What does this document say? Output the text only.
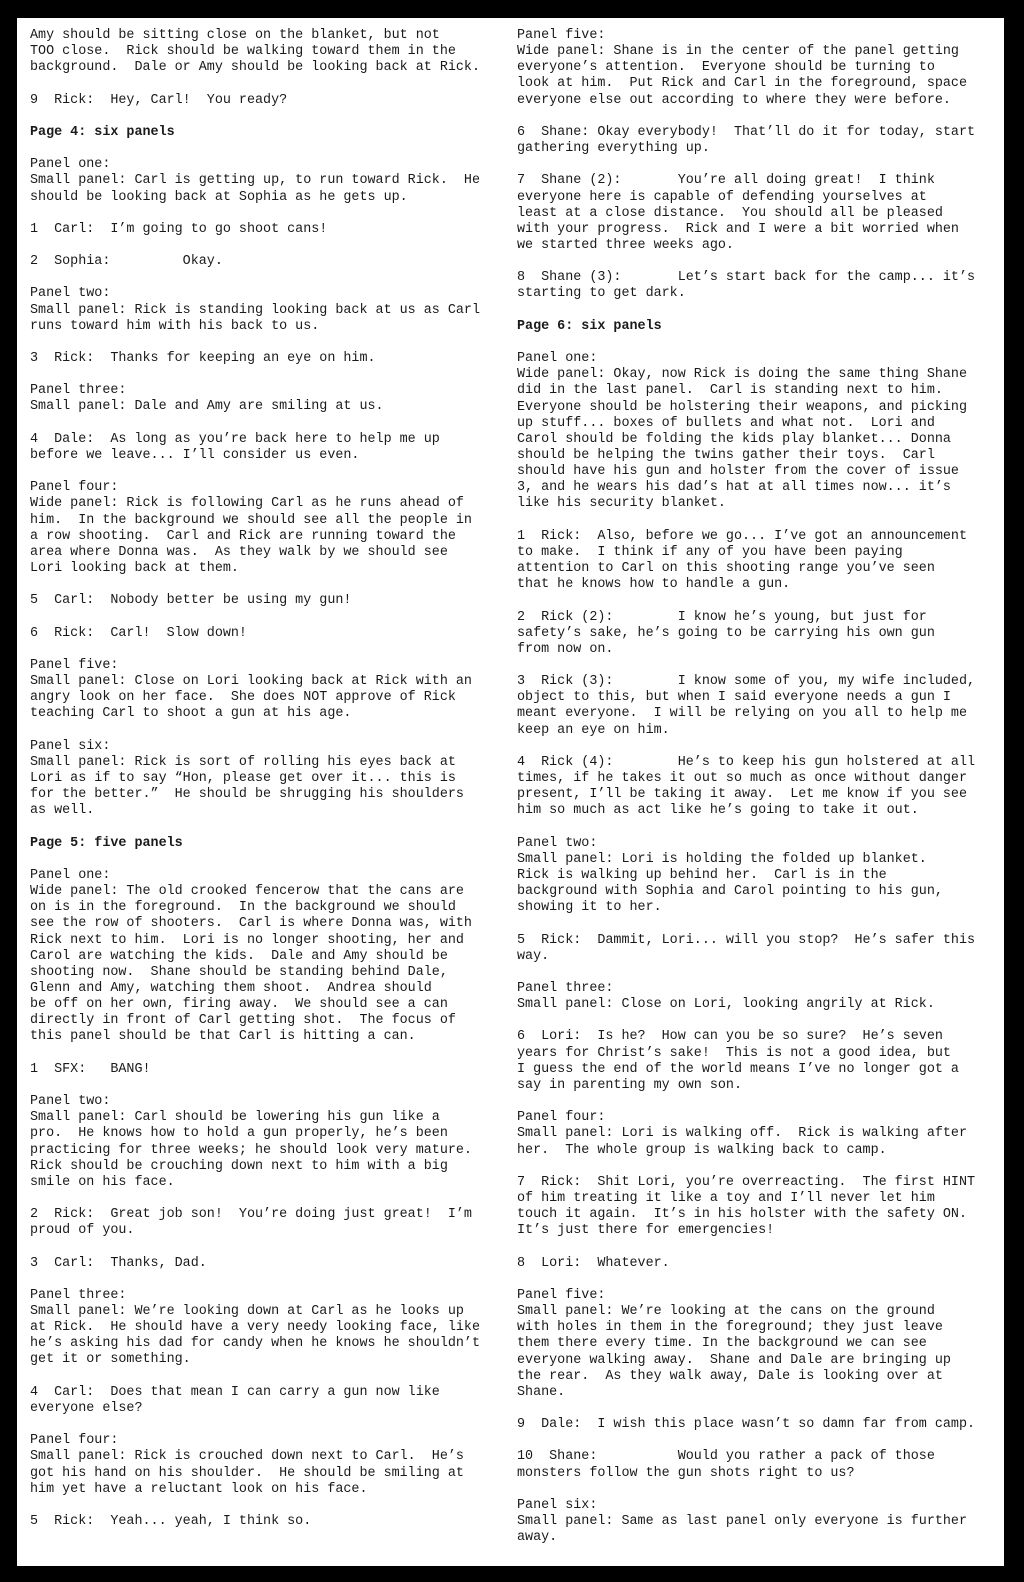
Amy should be sitting close on the blanket, but not
TOO close.  Rick should be walking toward them in the
background.  Dale or Amy should be looking back at Rick.
9  Rick:  Hey, Carl!  You ready?
Page 4: six panels
Panel one:
Small panel: Carl is getting up, to run toward Rick.  He
should be looking back at Sophia as he gets up.
1  Carl:  I’m going to go shoot cans!
2  Sophia:         Okay.
Panel two:
Small panel: Rick is standing looking back at us as Carl
runs toward him with his back to us.
3  Rick:  Thanks for keeping an eye on him.
Panel three:
Small panel: Dale and Amy are smiling at us.
4  Dale:  As long as you’re back here to help me up
before we leave... I’ll consider us even.
Panel four:
Wide panel: Rick is following Carl as he runs ahead of
him.  In the background we should see all the people in
a row shooting.  Carl and Rick are running toward the
area where Donna was.  As they walk by we should see
Lori looking back at them.
5  Carl:  Nobody better be using my gun!
6  Rick:  Carl!  Slow down!
Panel five:
Small panel: Close on Lori looking back at Rick with an
angry look on her face.  She does NOT approve of Rick
teaching Carl to shoot a gun at his age.
Panel six:
Small panel: Rick is sort of rolling his eyes back at
Lori as if to say “Hon, please get over it... this is
for the better.”  He should be shrugging his shoulders
as well.
Page 5: five panels
Panel one:
Wide panel: The old crooked fencerow that the cans are
on is in the foreground.  In the background we should
see the row of shooters.  Carl is where Donna was, with
Rick next to him.  Lori is no longer shooting, her and
Carol are watching the kids.  Dale and Amy should be
shooting now.  Shane should be standing behind Dale,
Glenn and Amy, watching them shoot.  Andrea should
be off on her own, firing away.  We should see a can
directly in front of Carl getting shot.  The focus of
this panel should be that Carl is hitting a can.
1  SFX:   BANG!
Panel two:
Small panel: Carl should be lowering his gun like a
pro.  He knows how to hold a gun properly, he’s been
practicing for three weeks; he should look very mature.
Rick should be crouching down next to him with a big
smile on his face.
2  Rick:  Great job son!  You’re doing just great!  I’m
proud of you.
3  Carl:  Thanks, Dad.
Panel three:
Small panel: We’re looking down at Carl as he looks up
at Rick.  He should have a very needy looking face, like
he’s asking his dad for candy when he knows he shouldn’t
get it or something.
4  Carl:  Does that mean I can carry a gun now like
everyone else?
Panel four:
Small panel: Rick is crouched down next to Carl.  He’s
got his hand on his shoulder.  He should be smiling at
him yet have a reluctant look on his face.
5  Rick:  Yeah... yeah, I think so.
Panel five:
Wide panel: Shane is in the center of the panel getting
everyone’s attention.  Everyone should be turning to
look at him.  Put Rick and Carl in the foreground, space
everyone else out according to where they were before.
6  Shane: Okay everybody!  That’ll do it for today, start
gathering everything up.
7  Shane (2):       You’re all doing great!  I think
everyone here is capable of defending yourselves at
least at a close distance.  You should all be pleased
with your progress.  Rick and I were a bit worried when
we started three weeks ago.
8  Shane (3):       Let’s start back for the camp... it’s
starting to get dark.
Page 6: six panels
Panel one:
Wide panel: Okay, now Rick is doing the same thing Shane
did in the last panel.  Carl is standing next to him.
Everyone should be holstering their weapons, and picking
up stuff... boxes of bullets and what not.  Lori and
Carol should be folding the kids play blanket... Donna
should be helping the twins gather their toys.  Carl
should have his gun and holster from the cover of issue
3, and he wears his dad’s hat at all times now... it’s
like his security blanket.
1  Rick:  Also, before we go... I’ve got an announcement
to make.  I think if any of you have been paying
attention to Carl on this shooting range you’ve seen
that he knows how to handle a gun.
2  Rick (2):        I know he’s young, but just for
safety’s sake, he’s going to be carrying his own gun
from now on.
3  Rick (3):        I know some of you, my wife included,
object to this, but when I said everyone needs a gun I
meant everyone.  I will be relying on you all to help me
keep an eye on him.
4  Rick (4):        He’s to keep his gun holstered at all
times, if he takes it out so much as once without danger
present, I’ll be taking it away.  Let me know if you see
him so much as act like he’s going to take it out.
Panel two:
Small panel: Lori is holding the folded up blanket.
Rick is walking up behind her.  Carl is in the
background with Sophia and Carol pointing to his gun,
showing it to her.
5  Rick:  Dammit, Lori... will you stop?  He’s safer this
way.
Panel three:
Small panel: Close on Lori, looking angrily at Rick.
6  Lori:  Is he?  How can you be so sure?  He’s seven
years for Christ’s sake!  This is not a good idea, but
I guess the end of the world means I’ve no longer got a
say in parenting my own son.
Panel four:
Small panel: Lori is walking off.  Rick is walking after
her.  The whole group is walking back to camp.
7  Rick:  Shit Lori, you’re overreacting.  The first HINT
of him treating it like a toy and I’ll never let him
touch it again.  It’s in his holster with the safety ON.
It’s just there for emergencies!
8  Lori:  Whatever.
Panel five:
Small panel: We’re looking at the cans on the ground
with holes in them in the foreground; they just leave
them there every time. In the background we can see
everyone walking away.  Shane and Dale are bringing up
the rear.  As they walk away, Dale is looking over at
Shane.
9  Dale:  I wish this place wasn’t so damn far from camp.
10  Shane:          Would you rather a pack of those
monsters follow the gun shots right to us?
Panel six:
Small panel: Same as last panel only everyone is further
away.
